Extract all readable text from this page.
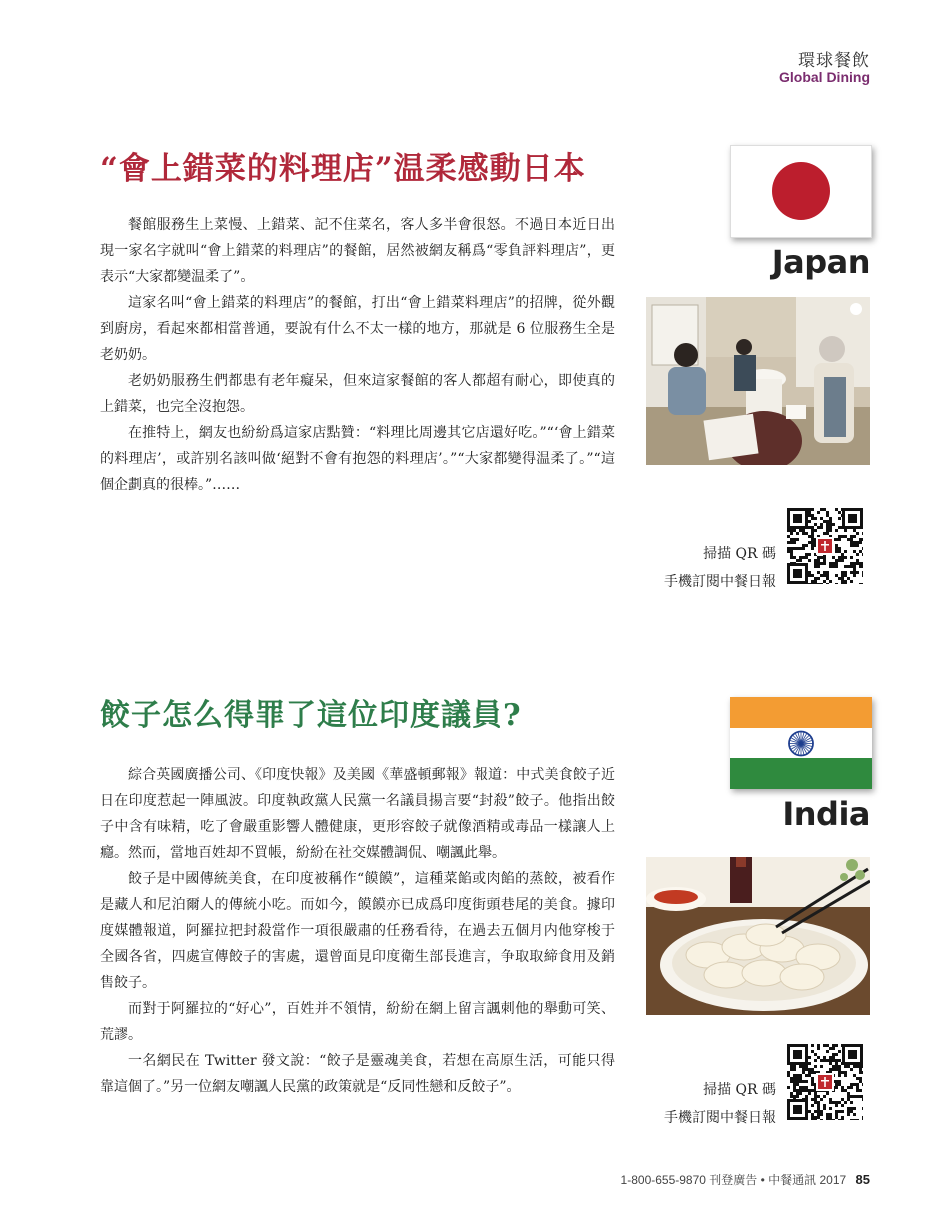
環球餐飲
Global Dining
“會上錯菜的料理店”温柔感動日本

餐館服務生上菜慢、上錯菜、記不住菜名，客人多半會很怒。不過日本近日出現一家名字就叫“會上錯菜的料理店”的餐館，居然被網友稱爲“零負評料理店”，更表示“大家都變温柔了”。

這家名叫“會上錯菜的料理店”的餐館，打出“會上錯菜料理店”的招牌，從外觀到廚房，看起來都相當普通，要說有什么不太一樣的地方，那就是 6 位服務生全是老奶奶。

老奶奶服務生們都患有老年癡呆，但來這家餐館的客人都超有耐心，即使真的上錯菜，也完全沒抱怨。

在推特上，網友也紛紛爲這家店點贊：“料理比周邊其它店還好吃。”“‘會上錯菜的料理店’，或許别名該叫做‘絕對不會有抱怨的料理店’。”“大家都變得温柔了。”“這個企劃真的很棒。”……

Japan
掃描 QR 碼
手機訂閱中餐日報
餃子怎么得罪了這位印度議員?

綜合英國廣播公司、《印度快報》及美國《華盛頓郵報》報道：中式美食餃子近日在印度惹起一陣風波。印度執政黨人民黨一名議員揚言要“封殺”餃子。他指出餃子中含有味精，吃了會嚴重影響人體健康，更形容餃子就像酒精或毒品一樣讓人上癮。然而，當地百姓却不買帳，紛紛在社交媒體調侃、嘲諷此舉。

餃子是中國傳統美食，在印度被稱作“饃饃”，這種菜餡或肉餡的蒸餃，被看作是藏人和尼泊爾人的傳統小吃。而如今，饃饃亦已成爲印度街頭巷尾的美食。據印度媒體報道，阿羅拉把封殺當作一項很嚴肅的任務看待，在過去五個月内他穿梭于全國各省，四處宣傳餃子的害處，還曾面見印度衛生部長進言，争取取締食用及銷售餃子。

而對于阿羅拉的“好心”，百姓并不領情，紛紛在網上留言諷刺他的舉動可笑、荒謬。

一名網民在 Twitter 發文說：“餃子是靈魂美食，若想在高原生活，可能只得靠這個了。”另一位網友嘲諷人民黨的政策就是“反同性戀和反餃子”。

India
掃描 QR 碼
手機訂閱中餐日報
1-800-655-9870 刊登廣告 • 中餐通訊 2017 85
